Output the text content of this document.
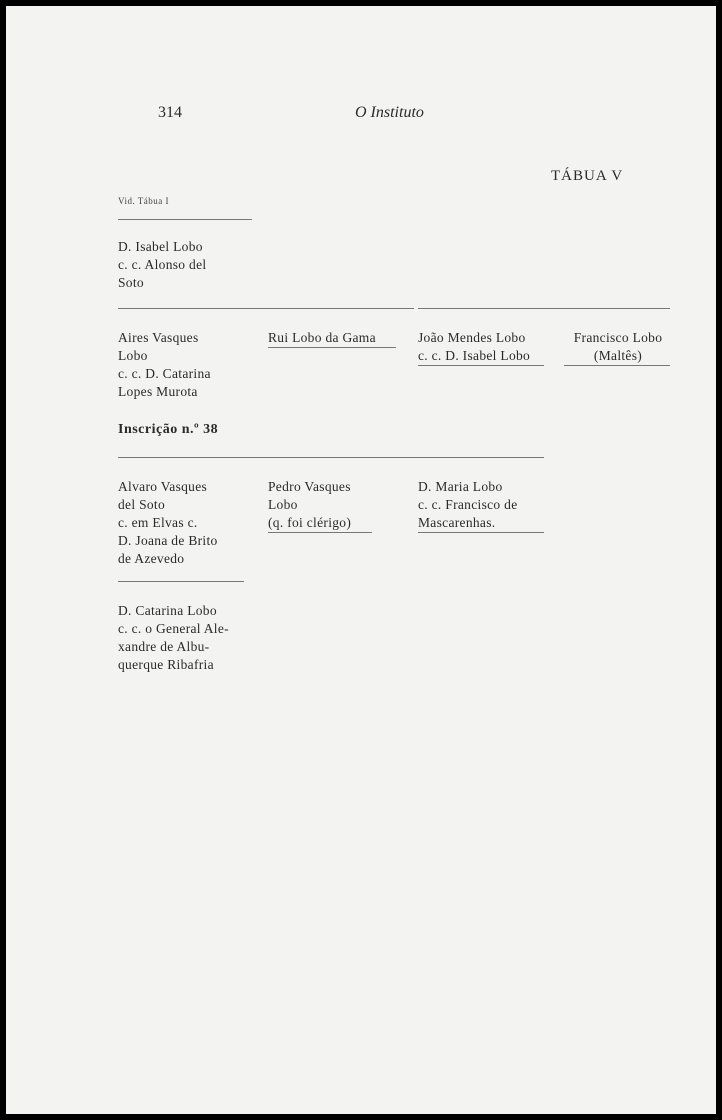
314	O Instituto
TÁBUA V
Vid. Tábua I
D. Isabel Lobo
c. c. Alonso del
Soto
Aires Vasques
Lobo
c. c. D. Catarina
Lopes Murota
Rui Lobo da Gama	João Mendes Lobo
c. c. D. Isabel Lobo
Francisco Lobo
(Maltês)
Inscrição n.º 38
Alvaro Vasques
del Soto
c. em Elvas c.
D. Joana de Brito
de Azevedo
Pedro Vasques
Lobo
(q. foi clérigo)
D. Maria Lobo
c. c. Francisco de
Mascarenhas.
D. Catarina Lobo
c. c. o General Ale-
xandre de Albu-
querque Ribafria
